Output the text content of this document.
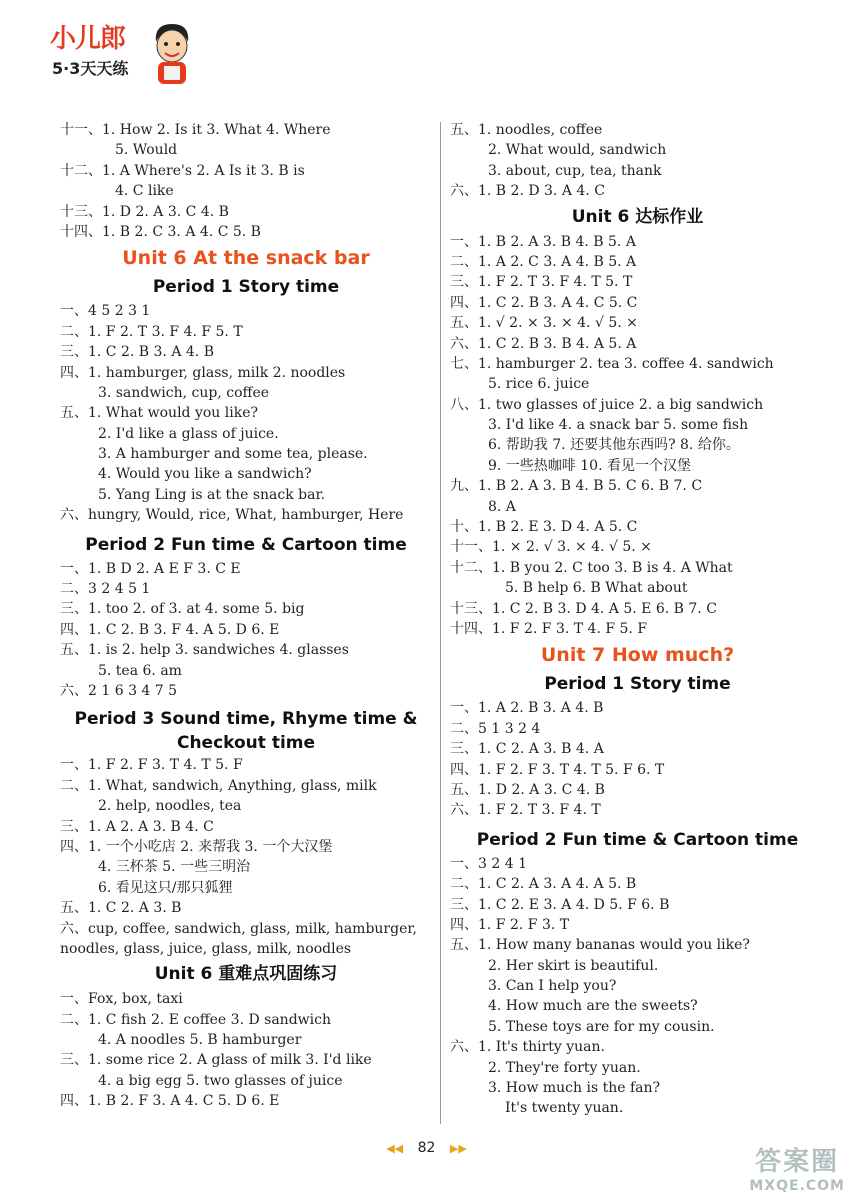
小儿郎
5·3天天练
十一、1. How 2. Is it 3. What 4. Where
5. Would
十二、1. A Where's 2. A Is it 3. B is
4. C like
十三、1. D 2. A 3. C 4. B
十四、1. B 2. C 3. A 4. C 5. B
Unit 6 At the snack bar
Period 1 Story time
一、4 5 2 3 1
二、1. F 2. T 3. F 4. F 5. T
三、1. C 2. B 3. A 4. B
四、1. hamburger, glass, milk 2. noodles
3. sandwich, cup, coffee
五、1. What would you like?
2. I'd like a glass of juice.
3. A hamburger and some tea, please.
4. Would you like a sandwich?
5. Yang Ling is at the snack bar.
六、hungry, Would, rice, What, hamburger, Here
Period 2 Fun time & Cartoon time
一、1. B D 2. A E F 3. C E
二、3 2 4 5 1
三、1. too 2. of 3. at 4. some 5. big
四、1. C 2. B 3. F 4. A 5. D 6. E
五、1. is 2. help 3. sandwiches 4. glasses
5. tea 6. am
六、2 1 6 3 4 7 5
Period 3 Sound time, Rhyme time &
Checkout time
一、1. F 2. F 3. T 4. T 5. F
二、1. What, sandwich, Anything, glass, milk
2. help, noodles, tea
三、1. A 2. A 3. B 4. C
四、1. 一个小吃店 2. 来帮我 3. 一个大汉堡
4. 三杯茶 5. 一些三明治
6. 看见这只/那只狐狸
五、1. C 2. A 3. B
六、cup, coffee, sandwich, glass, milk, hamburger,
noodles, glass, juice, glass, milk, noodles
Unit 6 重难点巩固练习
一、Fox, box, taxi
二、1. C fish 2. E coffee 3. D sandwich
4. A noodles 5. B hamburger
三、1. some rice 2. A glass of milk 3. I'd like
4. a big egg 5. two glasses of juice
四、1. B 2. F 3. A 4. C 5. D 6. E
五、1. noodles, coffee
2. What would, sandwich
3. about, cup, tea, thank
六、1. B 2. D 3. A 4. C
Unit 6 达标作业
一、1. B 2. A 3. B 4. B 5. A
二、1. A 2. C 3. A 4. B 5. A
三、1. F 2. T 3. F 4. T 5. T
四、1. C 2. B 3. A 4. C 5. C
五、1. √ 2. × 3. × 4. √ 5. ×
六、1. C 2. B 3. B 4. A 5. A
七、1. hamburger 2. tea 3. coffee 4. sandwich
5. rice 6. juice
八、1. two glasses of juice 2. a big sandwich
3. I'd like 4. a snack bar 5. some fish
6. 帮助我 7. 还要其他东西吗? 8. 给你。
9. 一些热咖啡 10. 看见一个汉堡
九、1. B 2. A 3. B 4. B 5. C 6. B 7. C
8. A
十、1. B 2. E 3. D 4. A 5. C
十一、1. × 2. √ 3. × 4. √ 5. ×
十二、1. B you 2. C too 3. B is 4. A What
5. B help 6. B What about
十三、1. C 2. B 3. D 4. A 5. E 6. B 7. C
十四、1. F 2. F 3. T 4. F 5. F
Unit 7 How much?
Period 1 Story time
一、1. A 2. B 3. A 4. B
二、5 1 3 2 4
三、1. C 2. A 3. B 4. A
四、1. F 2. F 3. T 4. T 5. F 6. T
五、1. D 2. A 3. C 4. B
六、1. F 2. T 3. F 4. T
Period 2 Fun time & Cartoon time
一、3 2 4 1
二、1. C 2. A 3. A 4. A 5. B
三、1. C 2. E 3. A 4. D 5. F 6. B
四、1. F 2. F 3. T
五、1. How many bananas would you like?
2. Her skirt is beautiful.
3. Can I help you?
4. How much are the sweets?
5. These toys are for my cousin.
六、1. It's thirty yuan.
2. They're forty yuan.
3. How much is the fan?
It's twenty yuan.
◀◀ 82 ▶▶	答案圈
MXQE.COM
